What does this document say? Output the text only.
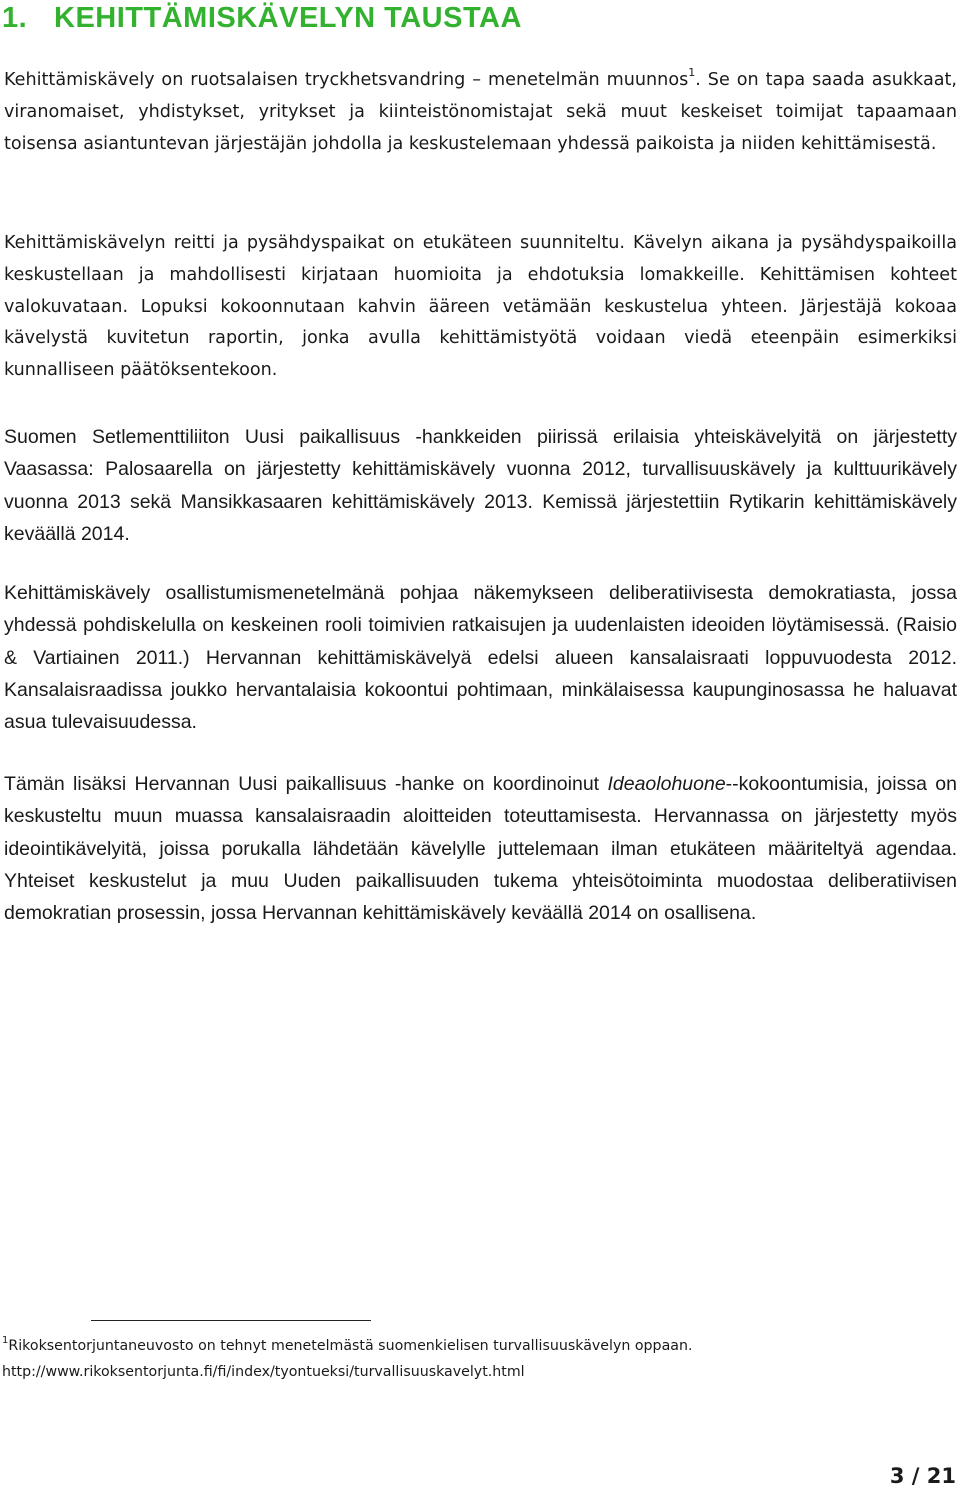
1. KEHITTÄMISKÄVELYN TAUSTAA

Kehittämiskävely on ruotsalaisen tryckhetsvandring – menetelmän muunnos$^1$. Se on tapa saada asukkaat, viranomaiset, yhdistykset, yritykset ja kiinteistönomistajat sekä muut keskeiset toimijat tapaamaan toisensa asiantuntevan järjestäjän johdolla ja keskustelemaan yhdessä paikoista ja niiden kehittämisestä.

Kehittämiskävelyn reitti ja pysähdyspaikat on etukäteen suunniteltu. Kävelyn aikana ja pysähdyspaikoilla keskustellaan ja mahdollisesti kirjataan huomioita ja ehdotuksia lomakkeille. Kehittämisen kohteet valokuvataan. Lopuksi kokoonnutaan kahvin ääreen vetämään keskustelua yhteen. Järjestäjä kokoaa kävelystä kuvitetun raportin, jonka avulla kehittämistyötä voidaan viedä eteenpäin esimerkiksi kunnalliseen päätöksentekoon.

Suomen Setlementtiliiton Uusi paikallisuus -hankkeiden piirissä erilaisia yhteiskävelyitä on järjestetty Vaasassa: Palosaarella on järjestetty kehittämiskävely vuonna 2012, turvallisuuskävely ja kulttuurikävely vuonna 2013 sekä Mansikkasaaren kehittämiskävely 2013. Kemissä järjestettiin Rytikarin kehittämiskävely keväällä 2014.

Kehittämiskävely osallistumismenetelmänä pohjaa näkemykseen deliberatiivisesta demokratiasta, jossa yhdessä pohdiskelulla on keskeinen rooli toimivien ratkaisujen ja uudenlaisten ideoiden löytämisessä. (Raisio & Vartiainen 2011.) Hervannan kehittämiskävelyä edelsi alueen kansalaisraati loppuvuodesta 2012. Kansalaisraadissa joukko hervantalaisia kokoontui pohtimaan, minkälaisessa kaupunginosassa he haluavat asua tulevaisuudessa.

Tämän lisäksi Hervannan Uusi paikallisuus -hanke on koordinoinut Ideaolohuone--kokoontumisia, joissa on keskusteltu muun muassa kansalaisraadin aloitteiden toteuttamisesta. Hervannassa on järjestetty myös ideointikävelyitä, joissa porukalla lähdetään kävelylle juttelemaan ilman etukäteen määriteltyä agendaa. Yhteiset keskustelut ja muu Uuden paikallisuuden tukema yhteisötoiminta muodostaa deliberatiivisen demokratian prosessin, jossa Hervannan kehittämiskävely keväällä 2014 on osallisena.

$^1$Rikoksentorjuntaneuvosto on tehnyt menetelmästä suomenkielisen turvallisuuskävelyn oppaan.
http://www.rikoksentorjunta.fi/fi/index/tyontueksi/turvallisuuskavelyt.html

3 / 21
